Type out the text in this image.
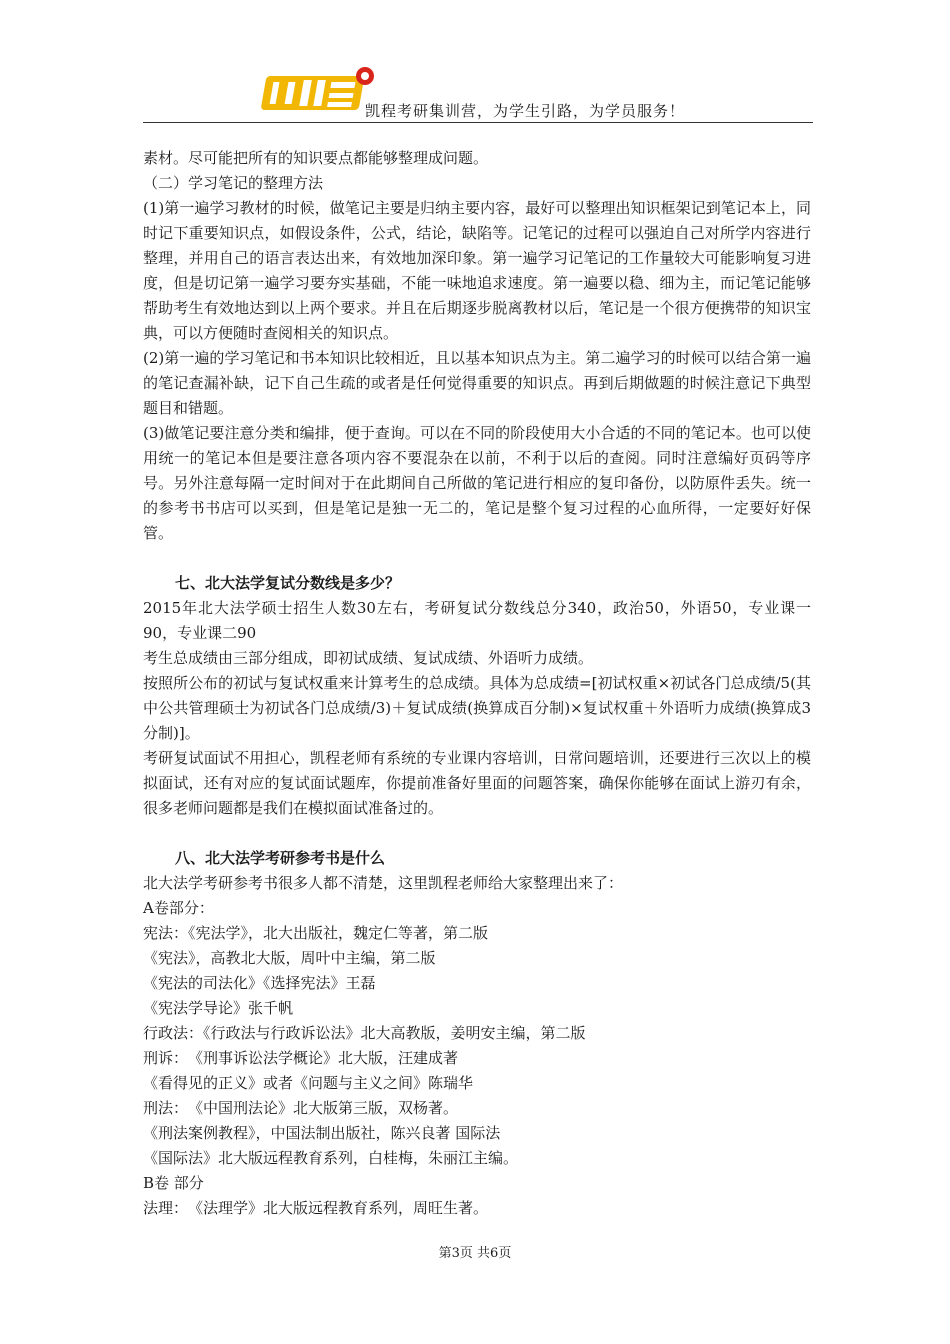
凯程考研集训营，为学生引路，为学员服务！

素材。尽可能把所有的知识要点都能够整理成问题。

（二）学习笔记的整理方法

(1)第一遍学习教材的时候，做笔记主要是归纳主要内容，最好可以整理出知识框架记到笔记本上，同时记下重要知识点，如假设条件，公式，结论，缺陷等。记笔记的过程可以强迫自己对所学内容进行整理，并用自己的语言表达出来，有效地加深印象。第一遍学习记笔记的工作量较大可能影响复习进度，但是切记第一遍学习要夯实基础，不能一味地追求速度。第一遍要以稳、细为主，而记笔记能够帮助考生有效地达到以上两个要求。并且在后期逐步脱离教材以后，笔记是一个很方便携带的知识宝典，可以方便随时查阅相关的知识点。

(2)第一遍的学习笔记和书本知识比较相近，且以基本知识点为主。第二遍学习的时候可以结合第一遍的笔记查漏补缺，记下自己生疏的或者是任何觉得重要的知识点。再到后期做题的时候注意记下典型题目和错题。

(3)做笔记要注意分类和编排，便于查询。可以在不同的阶段使用大小合适的不同的笔记本。也可以使用统一的笔记本但是要注意各项内容不要混杂在以前，不利于以后的查阅。同时注意编好页码等序号。另外注意每隔一定时间对于在此期间自己所做的笔记进行相应的复印备份，以防原件丢失。统一的参考书书店可以买到，但是笔记是独一无二的，笔记是整个复习过程的心血所得，一定要好好保管。

七、北大法学复试分数线是多少？

2015年北大法学硕士招生人数30左右，考研复试分数线总分340，政治50，外语50，专业课一90，专业课二90

考生总成绩由三部分组成，即初试成绩、复试成绩、外语听力成绩。

按照所公布的初试与复试权重来计算考生的总成绩。具体为总成绩=[初试权重×初试各门总成绩/5(其中公共管理硕士为初试各门总成绩/3)＋复试成绩(换算成百分制)×复试权重＋外语听力成绩(换算成3分制)]。

考研复试面试不用担心，凯程老师有系统的专业课内容培训，日常问题培训，还要进行三次以上的模拟面试，还有对应的复试面试题库，你提前准备好里面的问题答案，确保你能够在面试上游刃有余，很多老师问题都是我们在模拟面试准备过的。

八、北大法学考研参考书是什么

北大法学考研参考书很多人都不清楚，这里凯程老师给大家整理出来了：

A卷部分：

宪法：《宪法学》，北大出版社，魏定仁等著，第二版

《宪法》，高教北大版，周叶中主编，第二版

《宪法的司法化》《选择宪法》王磊

《宪法学导论》张千帆

行政法：《行政法与行政诉讼法》北大高教版，姜明安主编，第二版

刑诉：　《刑事诉讼法学概论》北大版，汪建成著

《看得见的正义》或者《问题与主义之间》陈瑞华

刑法：　《中国刑法论》北大版第三版，双杨著。

《刑法案例教程》，中国法制出版社，陈兴良著 国际法

《国际法》北大版远程教育系列，白桂梅，朱丽江主编。

B卷 部分

法理：　《法理学》北大版远程教育系列，周旺生著。

第3页 共6页
